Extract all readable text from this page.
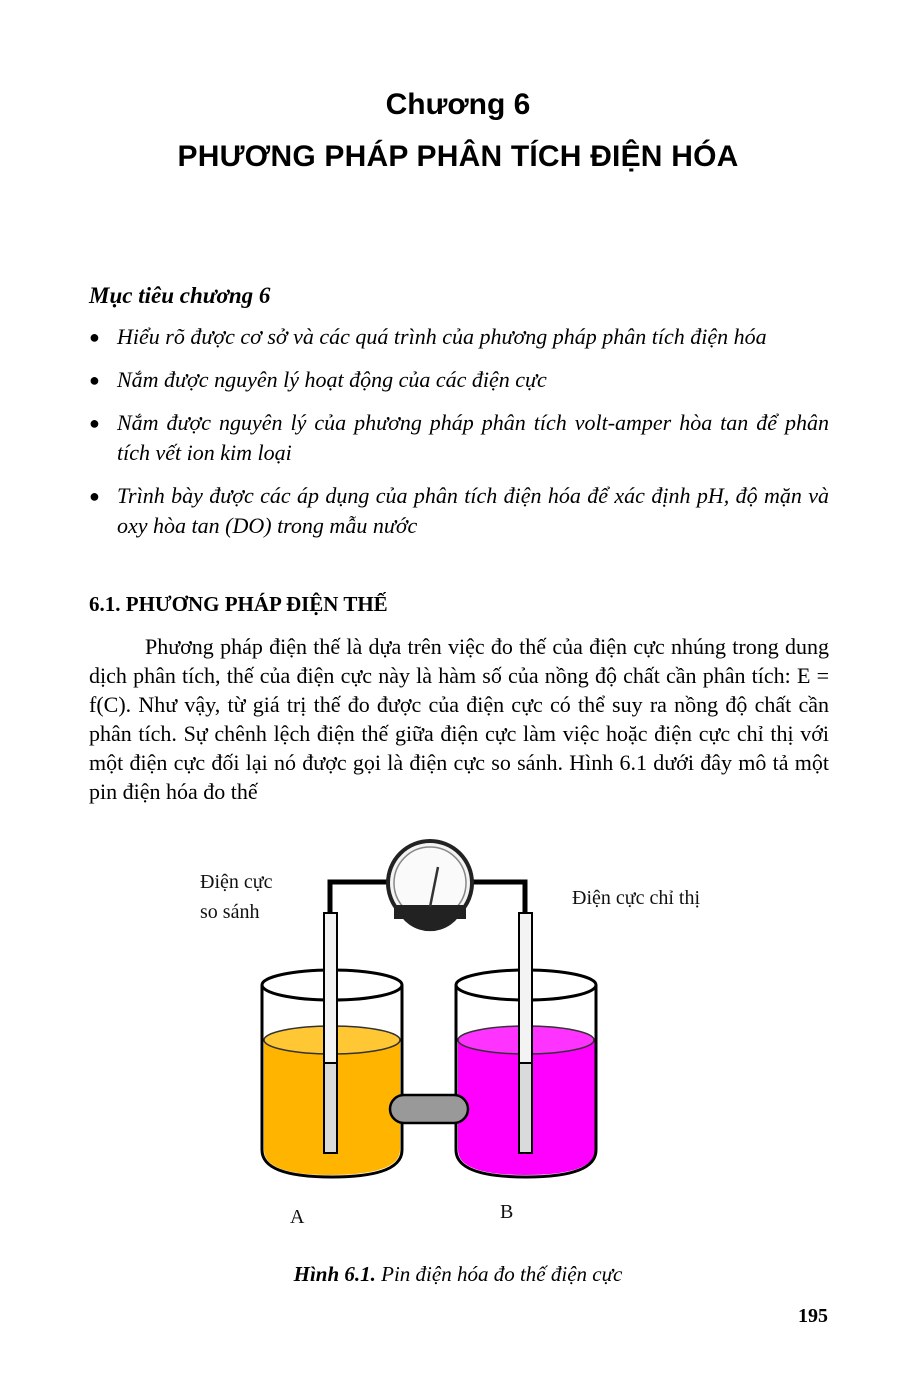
Chương 6
PHƯƠNG PHÁP PHÂN TÍCH ĐIỆN HÓA
Mục tiêu chương 6
● Hiểu rõ được cơ sở và các quá trình của phương pháp phân tích điện hóa
● Nắm được nguyên lý hoạt động của các điện cực
● Nắm được nguyên lý của phương pháp phân tích volt-amper hòa tan để phân tích vết ion kim loại
● Trình bày được các áp dụng của phân tích điện hóa để xác định pH, độ mặn và oxy hòa tan (DO) trong mẫu nước
6.1. PHƯƠNG PHÁP ĐIỆN THẾ

Phương pháp điện thế là dựa trên việc đo thế của điện cực nhúng trong dung dịch phân tích, thế của điện cực này là hàm số của nồng độ chất cần phân tích: E = f(C). Như vậy, từ giá trị thế đo được của điện cực có thể suy ra nồng độ chất cần phân tích. Sự chênh lệch điện thế giữa điện cực làm việc hoặc điện cực chỉ thị với một điện cực đối lại nó được gọi là điện cực so sánh. Hình 6.1 dưới đây mô tả một pin điện hóa đo thế

Điện cực
so sánh
Điện cực chỉ thị
A	B
Hình 6.1. Pin điện hóa đo thế điện cực
195
